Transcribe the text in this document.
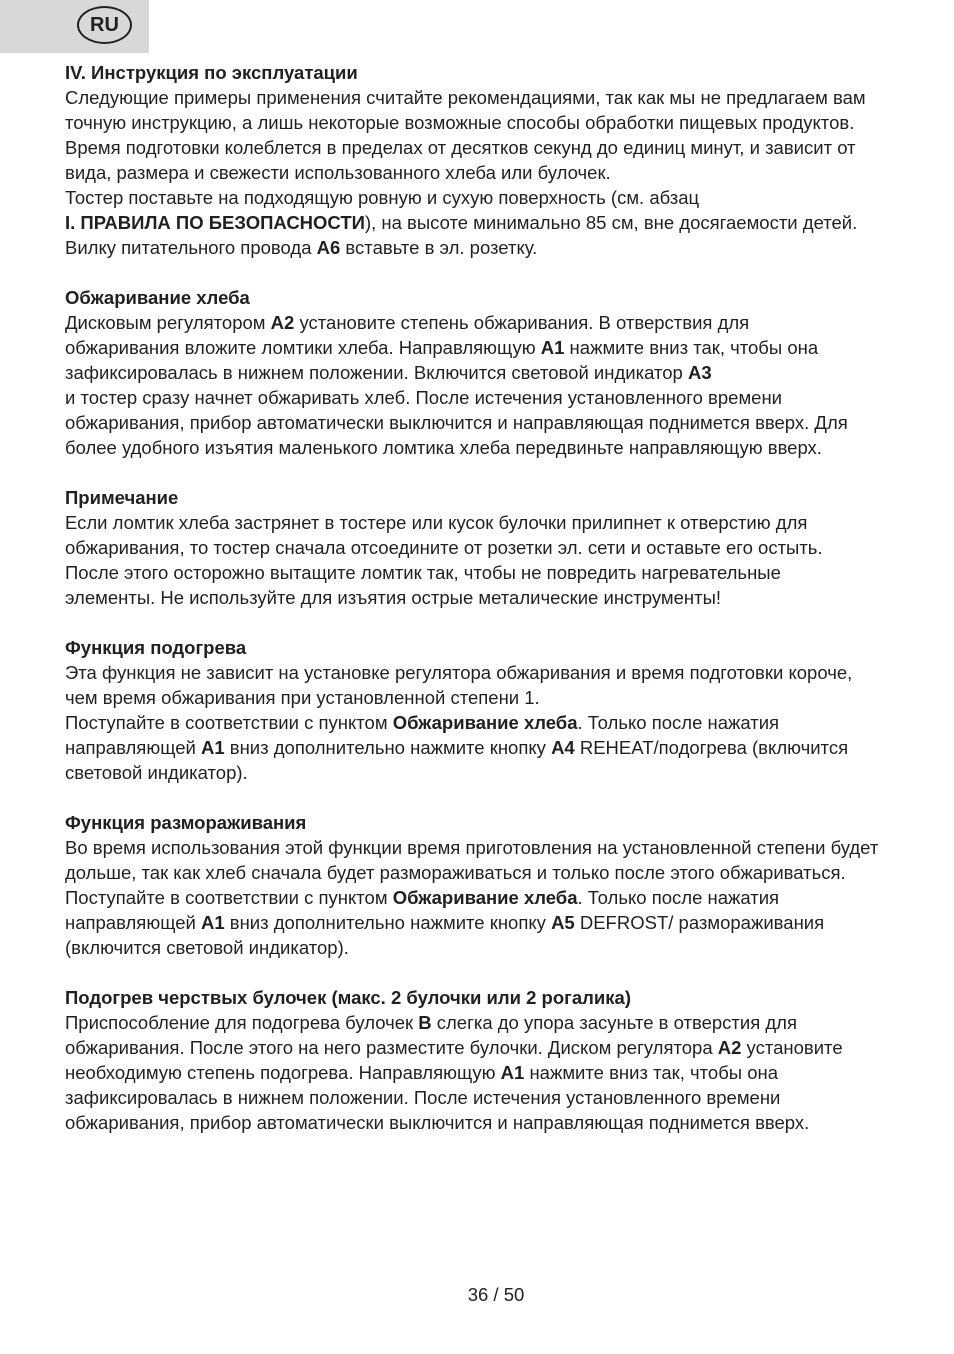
RU

IV. Инструкция по эксплуатации

Следующие примеры применения считайте рекомендациями, так как мы не предлагаем вам точную инструкцию, а лишь некоторые возможные способы обработки пищевых продуктов. Время подготовки колеблется в пределах от десятков секунд до единиц минут, и зависит от вида, размера и свежести использованного хлеба или булочек.

Тостер поставьте на подходящую ровную и сухую поверхность (см. абзац
I. ПРАВИЛА ПО БЕЗОПАСНОСТИ), на высоте минимально 85 см, вне досягаемости детей. Вилку питательного провода A6 вставьте в эл. розетку.

Обжаривание хлеба

Дисковым регулятором A2 установите степень обжаривания. В отверствия для обжаривания вложите ломтики хлеба. Направляющую A1 нажмите вниз так, чтобы она зафиксировалась в нижнем положении. Включится световой индикатор A3
и тостер сразу начнет обжаривать хлеб. После истечения установленного времени обжаривания, прибор автоматически выключится и направляющая поднимется вверх. Для более удобного изъятия маленького ломтика хлеба передвиньте направляющую вверх.

Примечание

Если ломтик хлеба застрянет в тостере или кусок булочки прилипнет к отверстию для обжаривания, то тостер сначала отсоедините от розетки эл. сети и оставьте его остыть. После этого осторожно вытащите ломтик так, чтобы не повредить нагревательные элементы. Не используйте для изъятия острые металические инструменты!

Функция подогрева

Эта функция не зависит на установке регулятора обжаривания и время подготовки короче, чем время обжаривания при установленной степени 1.

Поступайте в соответствии с пунктом Обжаривание хлеба. Только после нажатия направляющей A1 вниз дополнительно нажмите кнопку A4 REHEAT/подогрева (включится световой индикатор).

Функция размораживания

Во время использования этой функции время приготовления на установленной степени будет дольше, так как хлеб сначала будет размораживаться и только после этого обжариваться.

Поступайте в соответствии с пунктом Обжаривание хлеба. Только после нажатия направляющей A1 вниз дополнительно нажмите кнопку A5 DEFROST/ размораживания (включится световой индикатор).

Подогрев черствых булочек (макс. 2 булочки или 2 рогалика)

Приспособление для подогрева булочек B слегка до упора засуньте в отверстия для обжаривания. После этого на него разместите булочки. Диском регулятора A2 установите необходимую степень подогрева. Направляющую A1 нажмите вниз так, чтобы она зафиксировалась в нижнем положении. После истечения установленного времени обжаривания, прибор автоматически выключится и направляющая поднимется вверх.

36 / 50
